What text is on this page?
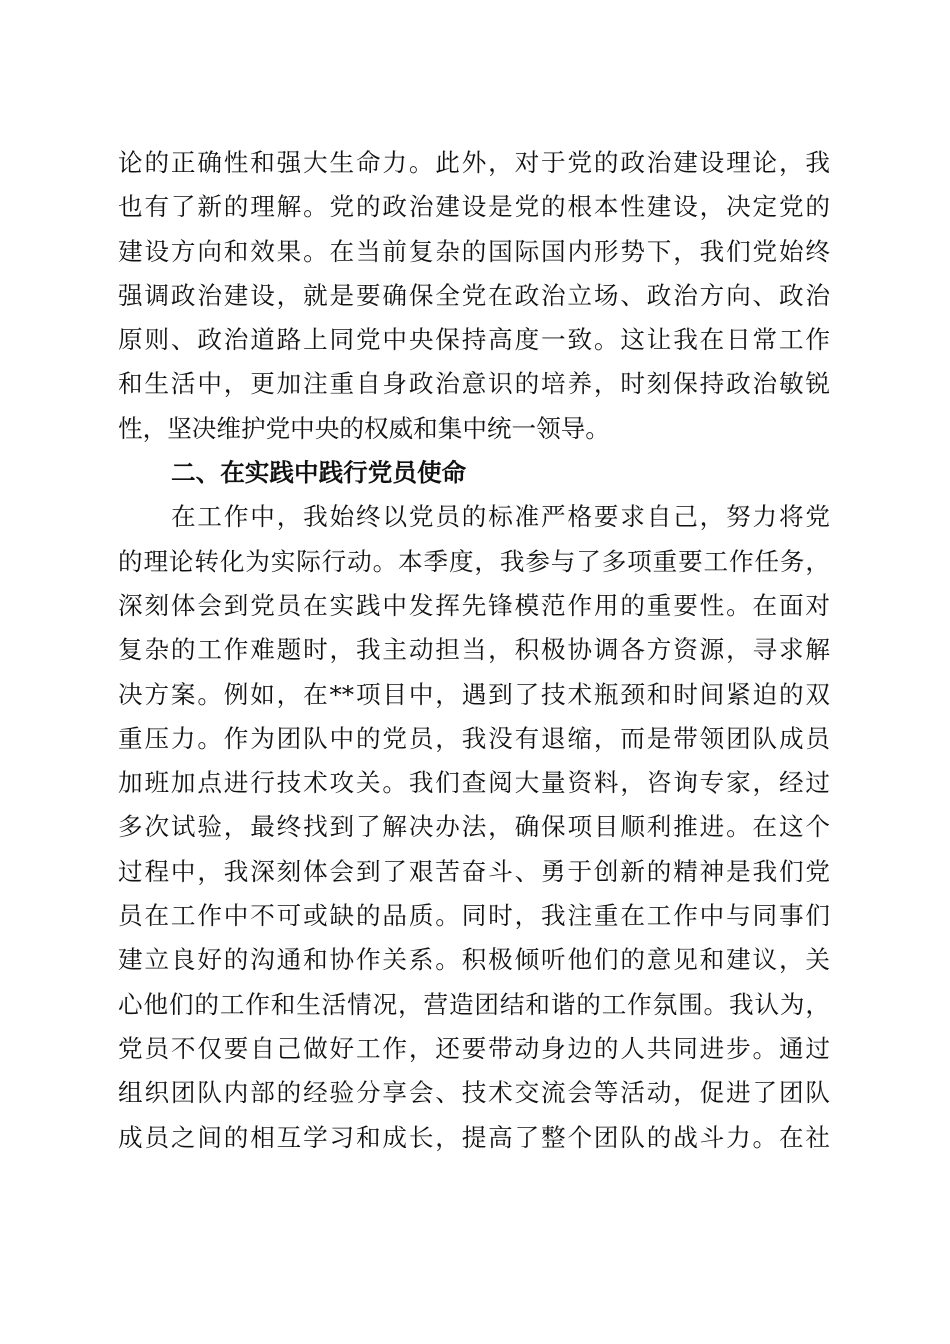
论的正确性和强大生命力。此外，对于党的政治建设理论，我
也有了新的理解。党的政治建设是党的根本性建设，决定党的
建设方向和效果。在当前复杂的国际国内形势下，我们党始终
强调政治建设，就是要确保全党在政治立场、政治方向、政治
原则、政治道路上同党中央保持高度一致。这让我在日常工作
和生活中，更加注重自身政治意识的培养，时刻保持政治敏锐
性，坚决维护党中央的权威和集中统一领导。
二、在实践中践行党员使命
在工作中，我始终以党员的标准严格要求自己，努力将党
的理论转化为实际行动。本季度，我参与了多项重要工作任务，
深刻体会到党员在实践中发挥先锋模范作用的重要性。在面对
复杂的工作难题时，我主动担当，积极协调各方资源，寻求解
决方案。例如，在**项目中，遇到了技术瓶颈和时间紧迫的双
重压力。作为团队中的党员，我没有退缩，而是带领团队成员
加班加点进行技术攻关。我们查阅大量资料，咨询专家，经过
多次试验，最终找到了解决办法，确保项目顺利推进。在这个
过程中，我深刻体会到了艰苦奋斗、勇于创新的精神是我们党
员在工作中不可或缺的品质。同时，我注重在工作中与同事们
建立良好的沟通和协作关系。积极倾听他们的意见和建议，关
心他们的工作和生活情况，营造团结和谐的工作氛围。我认为，
党员不仅要自己做好工作，还要带动身边的人共同进步。通过
组织团队内部的经验分享会、技术交流会等活动，促进了团队
成员之间的相互学习和成长，提高了整个团队的战斗力。在社
